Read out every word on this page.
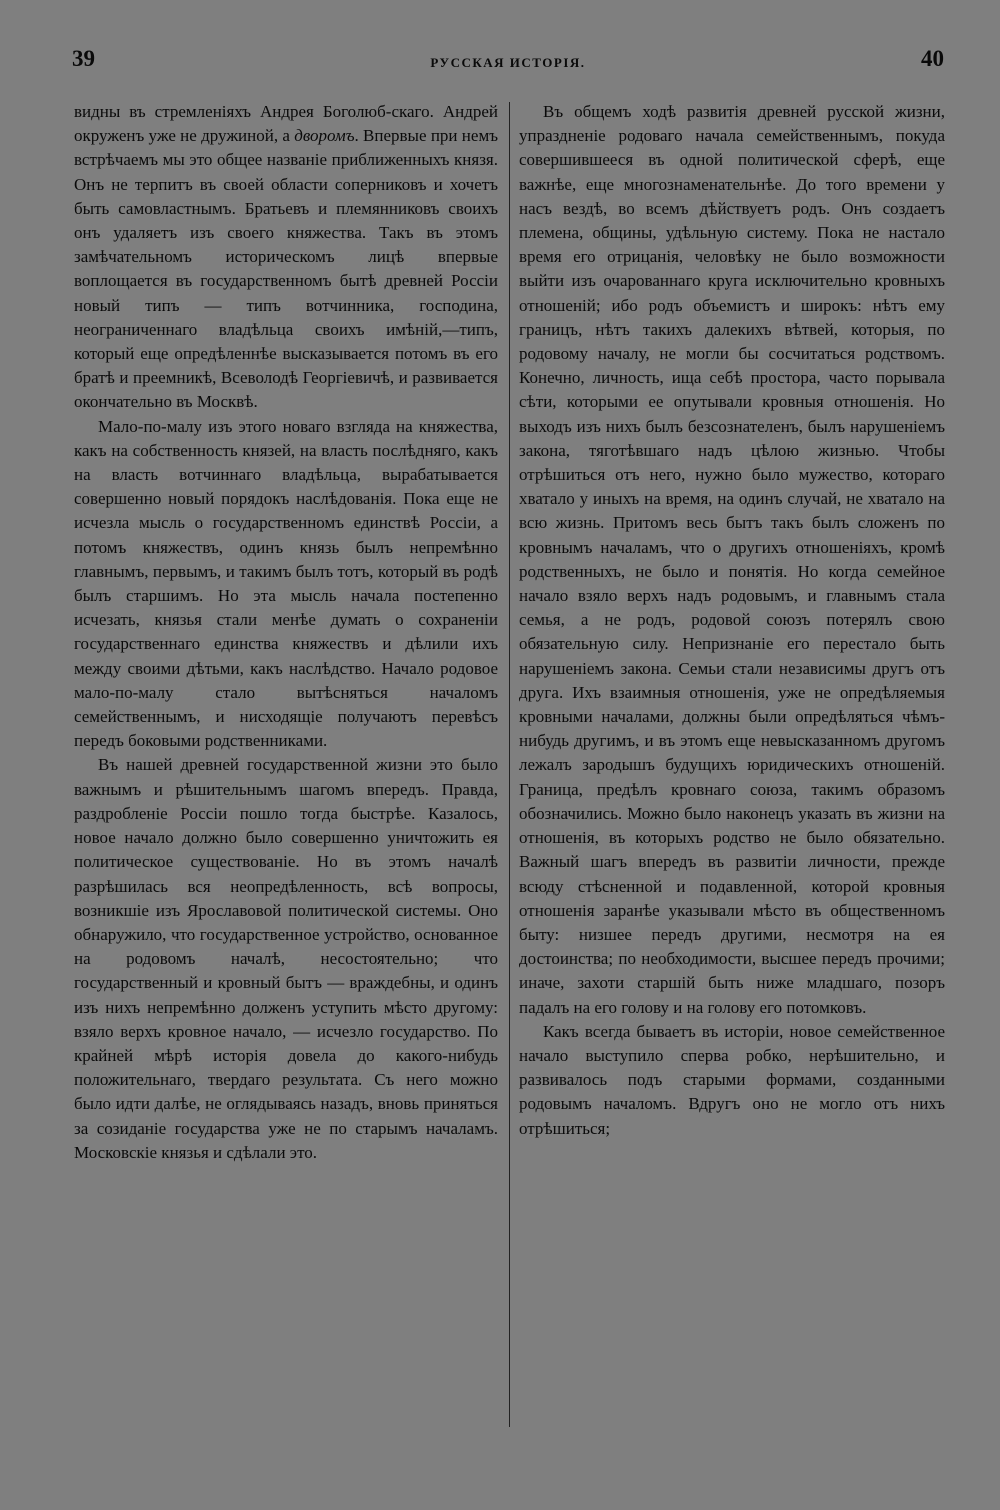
39	РУССКАЯ ИСТОРІЯ.	40

видны въ стремленіяхъ Андрея Боголюб-скаго. Андрей окруженъ уже не дружиной, а дворомъ. Впервые при немъ встрѣчаемъ мы это общее названіе приближенныхъ князя. Онъ не терпитъ въ своей области соперниковъ и хочетъ быть самовластнымъ. Братьевъ и племянниковъ своихъ онъ удаляетъ изъ своего княжества. Такъ въ этомъ замѣчательномъ историческомъ лицѣ впервые воплощается въ государственномъ бытѣ древней Россіи новый типъ — типъ вотчинника, господина, неограниченнаго владѣльца своихъ имѣній,—типъ, который еще опредѣленнѣе высказывается потомъ въ его братѣ и преемникѣ, Всеволодѣ Георгіевичѣ, и развивается окончательно въ Москвѣ.

Мало-по-малу изъ этого новаго взгляда на княжества, какъ на собственность князей, на власть послѣдняго, какъ на власть вотчиннаго владѣльца, вырабатывается совершенно новый порядокъ наслѣдованія. Пока еще не исчезла мысль о государственномъ единствѣ Россіи, а потомъ княжествъ, одинъ князь былъ непремѣнно главнымъ, первымъ, и такимъ былъ тотъ, который въ родѣ былъ старшимъ. Но эта мысль начала постепенно исчезать, князья стали менѣе думать о сохраненіи государственнаго единства княжествъ и дѣлили ихъ между своими дѣтьми, какъ наслѣдство. Начало родовое мало-по-малу стало вытѣсняться началомъ семейственнымъ, и нисходящіе получаютъ перевѣсъ передъ боковыми родственниками.

Въ нашей древней государственной жизни это было важнымъ и рѣшительнымъ шагомъ впередъ. Правда, раздробленіе Россіи пошло тогда быстрѣе. Казалось, новое начало должно было совершенно уничтожить ея политическое существованіе. Но въ этомъ началѣ разрѣшилась вся неопредѣленность, всѣ вопросы, возникшіе изъ Ярославовой политической системы. Оно обнаружило, что государственное устройство, основанное на родовомъ началѣ, несостоятельно; что государственный и кровный бытъ — враждебны, и одинъ изъ нихъ непремѣнно долженъ уступить мѣсто другому: взяло верхъ кровное начало, — исчезло государство. По крайней мѣрѣ исторія довела до какого-нибудь положительнаго, твердаго результата. Съ него можно было идти далѣе, не оглядываясь назадъ, вновь приняться за созиданіе государства уже не по старымъ началамъ. Московскіе князья и сдѣлали это.

Въ общемъ ходѣ развитія древней русской жизни, упраздненіе родоваго начала семейственнымъ, покуда совершившееся въ одной политической сферѣ, еще важнѣе, еще многознаменательнѣе. До того времени у насъ вездѣ, во всемъ дѣйствуетъ родъ. Онъ создаетъ племена, общины, удѣльную систему. Пока не настало время его отрицанія, человѣку не было возможности выйти изъ очарованнаго круга исключительно кровныхъ отношеній; ибо родъ объемистъ и широкъ: нѣтъ ему границъ, нѣтъ такихъ далекихъ вѣтвей, которыя, по родовому началу, не могли бы сосчитаться родствомъ. Конечно, личность, ища себѣ простора, часто порывала сѣти, которыми ее опутывали кровныя отношенія. Но выходъ изъ нихъ былъ безсознателенъ, былъ нарушеніемъ закона, тяготѣвшаго надъ цѣлою жизнью. Чтобы отрѣшиться отъ него, нужно было мужество, котораго хватало у иныхъ на время, на одинъ случай, не хватало на всю жизнь. Притомъ весь бытъ такъ былъ сложенъ по кровнымъ началамъ, что о другихъ отношеніяхъ, кромѣ родственныхъ, не было и понятія. Но когда семейное начало взяло верхъ надъ родовымъ, и главнымъ стала семья, а не родъ, родовой союзъ потерялъ свою обязательную силу. Непризнаніе его перестало быть нарушеніемъ закона. Семьи стали независимы другъ отъ друга. Ихъ взаимныя отношенія, уже не опредѣляемыя кровными началами, должны были опредѣляться чѣмъ-нибудь другимъ, и въ этомъ еще невысказанномъ другомъ лежалъ зародышъ будущихъ юридическихъ отношеній. Граница, предѣлъ кровнаго союза, такимъ образомъ обозначились. Можно было наконецъ указать въ жизни на отношенія, въ которыхъ родство не было обязательно. Важный шагъ впередъ въ развитіи личности, прежде всюду стѣсненной и подавленной, которой кровныя отношенія заранѣе указывали мѣсто въ общественномъ быту: низшее передъ другими, несмотря на ея достоинства; по необходимости, высшее передъ прочими; иначе, захоти старшій быть ниже младшаго, позоръ падалъ на его голову и на голову его потомковъ.

Какъ всегда бываетъ въ исторіи, новое семейственное начало выступило сперва робко, нерѣшительно, и развивалось подъ старыми формами, созданными родовымъ началомъ. Вдругъ оно не могло отъ нихъ отрѣшиться;
